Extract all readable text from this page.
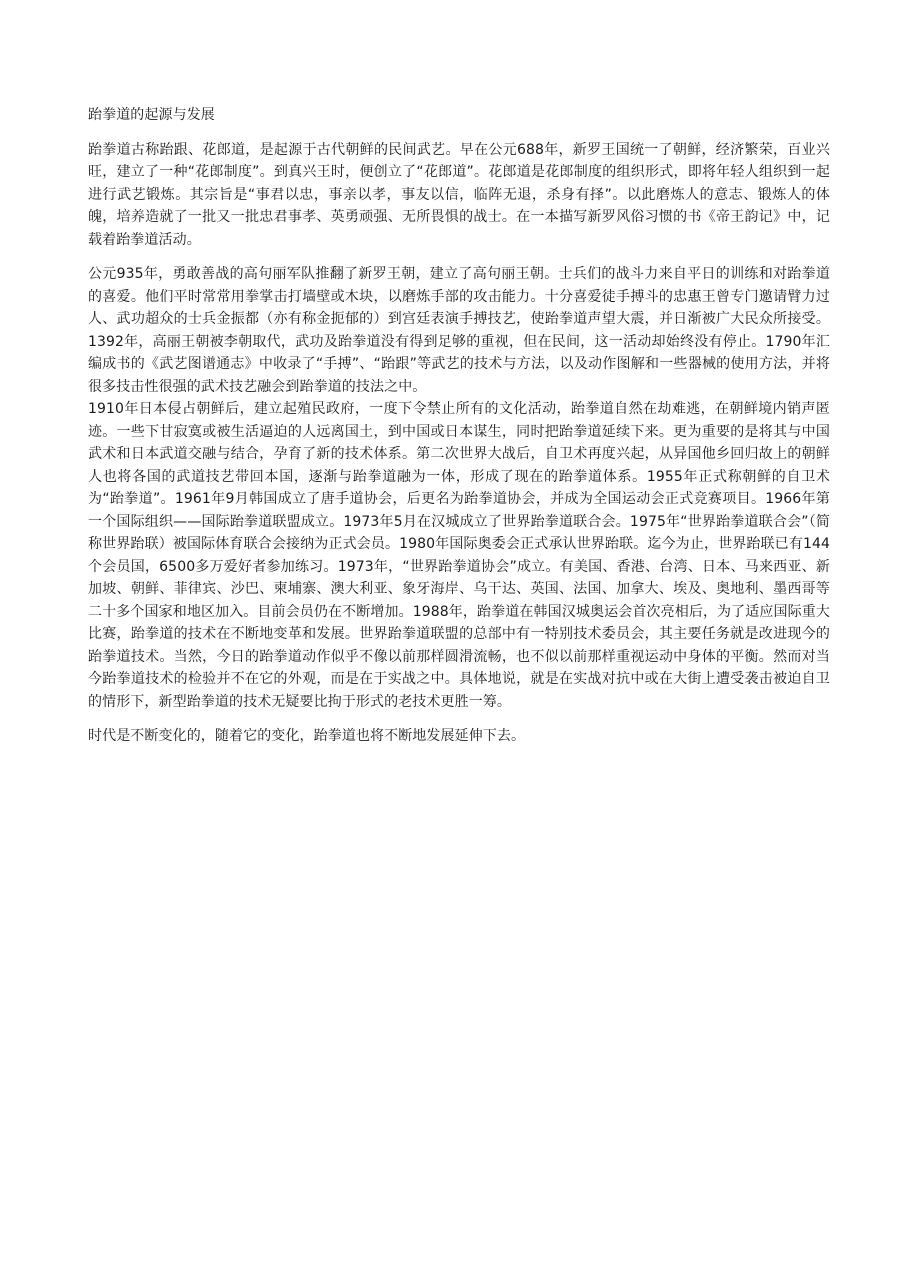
跆拳道的起源与发展

跆拳道古称跆跟、花郎道，是起源于古代朝鲜的民间武艺。早在公元688年，新罗王国统一了朝鲜，经济繁荣，百业兴旺，建立了一种“花郎制度”。到真兴王时，便创立了“花郎道”。花郎道是花郎制度的组织形式，即将年轻人组织到一起进行武艺锻炼。其宗旨是“事君以忠，事亲以孝，事友以信，临阵无退，杀身有择”。以此磨炼人的意志、锻炼人的体魄，培养造就了一批又一批忠君事孝、英勇顽强、无所畏惧的战士。在一本描写新罗风俗习惯的书《帝王韵记》中，记载着跆拳道活动。

公元935年，勇敢善战的高句丽军队推翻了新罗王朝，建立了高句丽王朝。士兵们的战斗力来自平日的训练和对跆拳道的喜爱。他们平时常常用拳掌击打墙壁或木块，以磨炼手部的攻击能力。十分喜爱徒手搏斗的忠惠王曾专门邀请臂力过人、武功超众的士兵金振都（亦有称金扼郁的）到宫廷表演手搏技艺，使跆拳道声望大震，并日渐被广大民众所接受。1392年，高丽王朝被李朝取代，武功及跆拳道没有得到足够的重视，但在民间，这一活动却始终没有停止。1790年汇编成书的《武艺图谱通志》中收录了“手搏”、“跆跟”等武艺的技术与方法，以及动作图解和一些器械的使用方法，并将很多技击性很强的武术技艺融会到跆拳道的技法之中。

1910年日本侵占朝鲜后，建立起殖民政府，一度下令禁止所有的文化活动，跆拳道自然在劫难逃，在朝鲜境内销声匿迹。一些下甘寂寞或被生活逼迫的人远离国土，到中国或日本谋生，同时把跆拳道延续下来。更为重要的是将其与中国武术和日本武道交融与结合，孕育了新的技术体系。第二次世界大战后，自卫术再度兴起，从异国他乡回归故上的朝鲜人也将各国的武道技艺带回本国，逐渐与跆拳道融为一体，形成了现在的跆拳道体系。1955年正式称朝鲜的自卫术为“跆拳道”。1961年9月韩国成立了唐手道协会，后更名为跆拳道协会，并成为全国运动会正式竞赛项目。1966年第一个国际组织——国际跆拳道联盟成立。1973年5月在汉城成立了世界跆拳道联合会。1975年“世界跆拳道联合会”（简称世界跆联）被国际体育联合会接纳为正式会员。1980年国际奥委会正式承认世界跆联。迄今为止，世界跆联已有144个会员国，6500多万爱好者参加练习。1973年，“世界跆拳道协会”成立。有美国、香港、台湾、日本、马来西亚、新加坡、朝鲜、菲律宾、沙巴、柬埔寨、澳大利亚、象牙海岸、乌干达、英国、法国、加拿大、埃及、奥地利、墨西哥等二十多个国家和地区加入。目前会员仍在不断增加。1988年，跆拳道在韩国汉城奥运会首次亮相后，为了适应国际重大比赛，跆拳道的技术在不断地变革和发展。世界跆拳道联盟的总部中有一特别技术委员会，其主要任务就是改进现今的跆拳道技术。当然，今日的跆拳道动作似乎不像以前那样圆滑流畅，也不似以前那样重视运动中身体的平衡。然而对当今跆拳道技术的检验并不在它的外观，而是在于实战之中。具体地说，就是在实战对抗中或在大街上遭受袭击被迫自卫的情形下，新型跆拳道的技术无疑要比拘于形式的老技术更胜一筹。

时代是不断变化的，随着它的变化，跆拳道也将不断地发展延伸下去。
